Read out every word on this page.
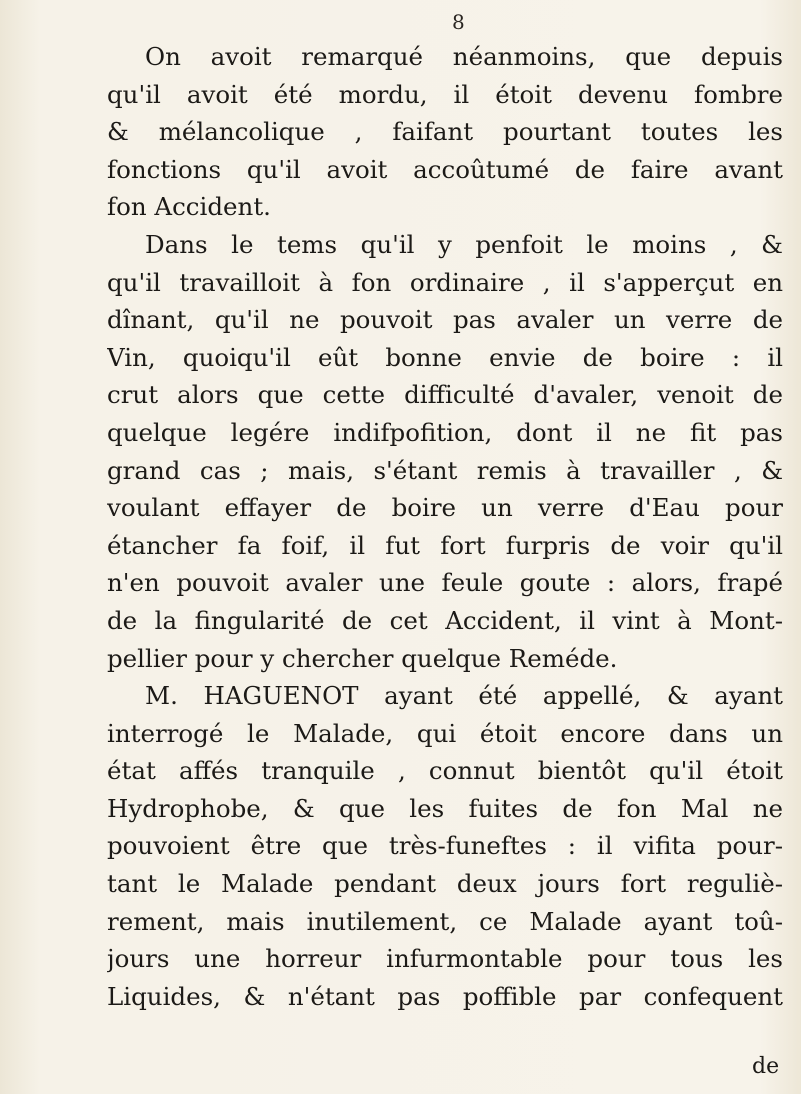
8
On avoit remarqué néanmoins, que depuis
qu'il avoit été mordu, il étoit devenu fombre
& mélancolique , faifant pourtant toutes les
fonctions qu'il avoit accoûtumé de faire avant
fon Accident.
Dans le tems qu'il y penfoit le moins , &
qu'il travailloit à fon ordinaire , il s'apperçut en
dînant, qu'il ne pouvoit pas avaler un verre de
Vin, quoiqu'il eût bonne envie de boire : il
crut alors que cette difficulté d'avaler, venoit de
quelque legére indifpofition, dont il ne fit pas
grand cas ; mais, s'étant remis à travailler , &
voulant effayer de boire un verre d'Eau pour
étancher fa foif, il fut fort furpris de voir qu'il
n'en pouvoit avaler une feule goute : alors, frapé
de la fingularité de cet Accident, il vint à Mont-
pellier pour y chercher quelque Reméde.
M. HAGUENOT ayant été appellé, & ayant
interrogé le Malade, qui étoit encore dans un
état affés tranquile , connut bientôt qu'il étoit
Hydrophobe, & que les fuites de fon Mal ne
pouvoient être que très-funeftes : il vifita pour-
tant le Malade pendant deux jours fort reguliè-
rement, mais inutilement, ce Malade ayant toû-
jours une horreur infurmontable pour tous les
Liquides, & n'étant pas poffible par confequent
de
